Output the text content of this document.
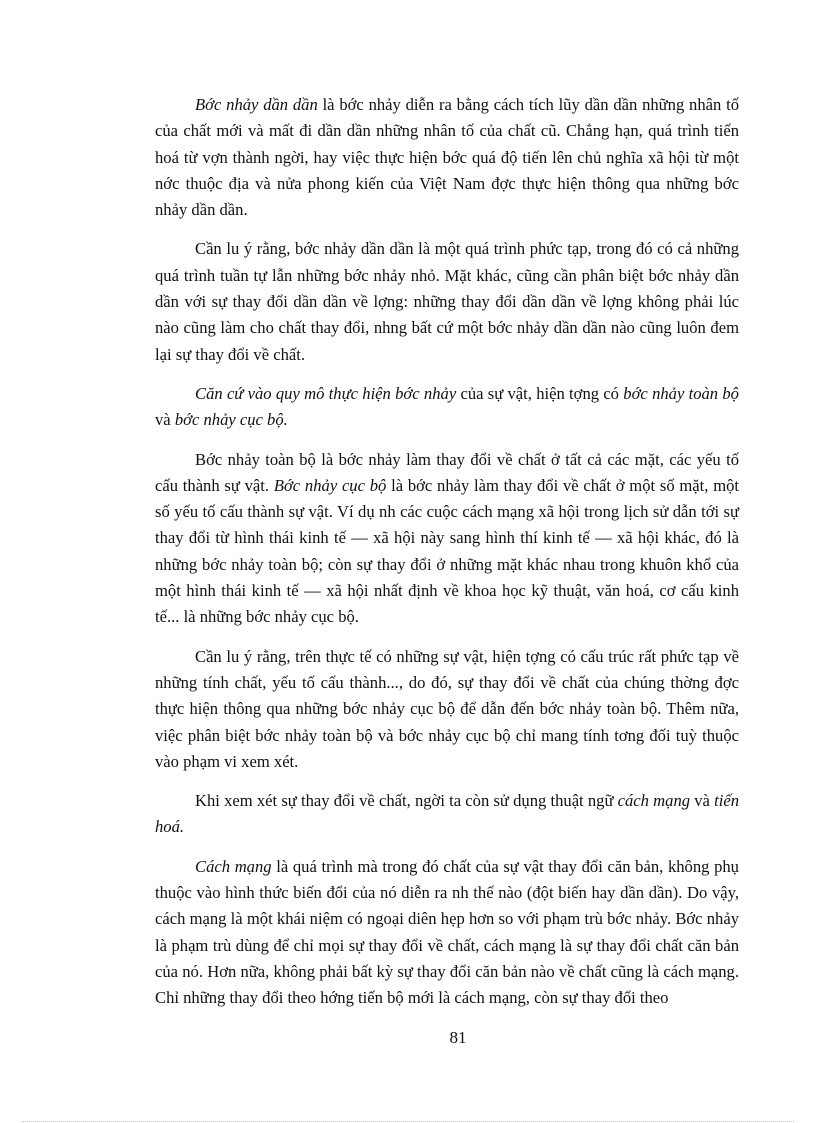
Bớc nhảy dần dần là bớc nhảy diễn ra bằng cách tích lũy dần dần những nhân tố của chất mới và mất đi dần dần những nhân tố của chất cũ. Chẳng hạn, quá trình tiến hoá từ vợn thành ngời, hay việc thực hiện bớc quá độ tiến lên chủ nghĩa xã hội từ một nớc thuộc địa và nửa phong kiến của Việt Nam đợc thực hiện thông qua những bớc nhảy dần dần.

Cần lu ý rằng, bớc nhảy dần dần là một quá trình phức tạp, trong đó có cả những quá trình tuần tự lẫn những bớc nhảy nhỏ. Mặt khác, cũng cần phân biệt bớc nhảy dần dần với sự thay đổi dần dần về lợng: những thay đổi dần dần về lợng không phải lúc nào cũng làm cho chất thay đổi, nhng bất cứ một bớc nhảy dần dần nào cũng luôn đem lại sự thay đổi về chất.

Căn cứ vào quy mô thực hiện bớc nhảy của sự vật, hiện tợng có bớc nhảy toàn bộ và bớc nhảy cục bộ.

Bớc nhảy toàn bộ là bớc nhảy làm thay đổi về chất ở tất cả các mặt, các yếu tố cấu thành sự vật. Bớc nhảy cục bộ là bớc nhảy làm thay đổi về chất ở một số mặt, một số yếu tố cấu thành sự vật. Ví dụ nh các cuộc cách mạng xã hội trong lịch sử dẫn tới sự thay đổi từ hình thái kinh tế — xã hội này sang hình thí kinh tế — xã hội khác, đó là những bớc nhảy toàn bộ; còn sự thay đổi ở những mặt khác nhau trong khuôn khổ của một hình thái kinh tế — xã hội nhất định về khoa học kỹ thuật, văn hoá, cơ cấu kinh tế... là những bớc nhảy cục bộ.

Cần lu ý rằng, trên thực tế có những sự vật, hiện tợng có cấu trúc rất phức tạp về những tính chất, yếu tố cấu thành..., do đó, sự thay đổi về chất của chúng thờng đợc thực hiện thông qua những bớc nhảy cục bộ để dẫn đến bớc nhảy toàn bộ. Thêm nữa, việc phân biệt bớc nhảy toàn bộ và bớc nhảy cục bộ chỉ mang tính tơng đối tuỳ thuộc vào phạm vi xem xét.

Khi xem xét sự thay đổi về chất, ngời ta còn sử dụng thuật ngữ cách mạng và tiến hoá.

Cách mạng là quá trình mà trong đó chất của sự vật thay đổi căn bản, không phụ thuộc vào hình thức biến đổi của nó diễn ra nh thế nào (đột biến hay dần dần). Do vậy, cách mạng là một khái niệm có ngoại diên hẹp hơn so với phạm trù bớc nhảy. Bớc nhảy là phạm trù dùng để chỉ mọi sự thay đổi về chất, cách mạng là sự thay đổi chất căn bản của nó. Hơn nữa, không phải bất kỳ sự thay đổi căn bản nào về chất cũng là cách mạng. Chỉ những thay đổi theo hớng tiến bộ mới là cách mạng, còn sự thay đổi theo

81
